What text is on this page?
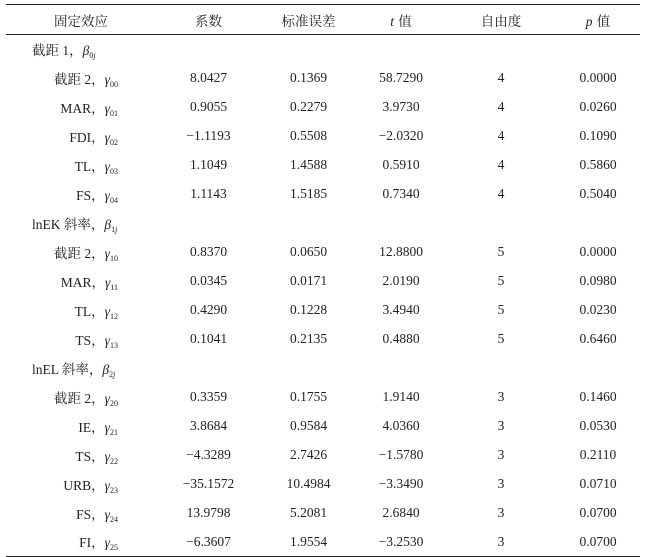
固定效应	系数	标准误差	t 值	自由度	p 值
截距 1，$\beta_{0j}$					
截距 2，$\gamma_{00}$	8.0427	0.1369	58.7290	4	0.0000
MAR，$\gamma_{01}$	0.9055	0.2279	3.9730	4	0.0260
FDI，$\gamma_{02}$	−1.1193	0.5508	−2.0320	4	0.1090
TL，$\gamma_{03}$	1.1049	1.4588	0.5910	4	0.5860
FS，$\gamma_{04}$	1.1143	1.5185	0.7340	4	0.5040
lnEK 斜率，$\beta_{1j}$					
截距 2，$\gamma_{10}$	0.8370	0.0650	12.8800	5	0.0000
MAR，$\gamma_{11}$	0.0345	0.0171	2.0190	5	0.0980
TL，$\gamma_{12}$	0.4290	0.1228	3.4940	5	0.0230
TS，$\gamma_{13}$	0.1041	0.2135	0.4880	5	0.6460
lnEL 斜率，$\beta_{2j}$					
截距 2，$\gamma_{20}$	0.3359	0.1755	1.9140	3	0.1460
IE，$\gamma_{21}$	3.8684	0.9584	4.0360	3	0.0530
TS，$\gamma_{22}$	−4.3289	2.7426	−1.5780	3	0.2110
URB，$\gamma_{23}$	−35.1572	10.4984	−3.3490	3	0.0710
FS，$\gamma_{24}$	13.9798	5.2081	2.6840	3	0.0700
FI，$\gamma_{25}$	−6.3607	1.9554	−3.2530	3	0.0700
